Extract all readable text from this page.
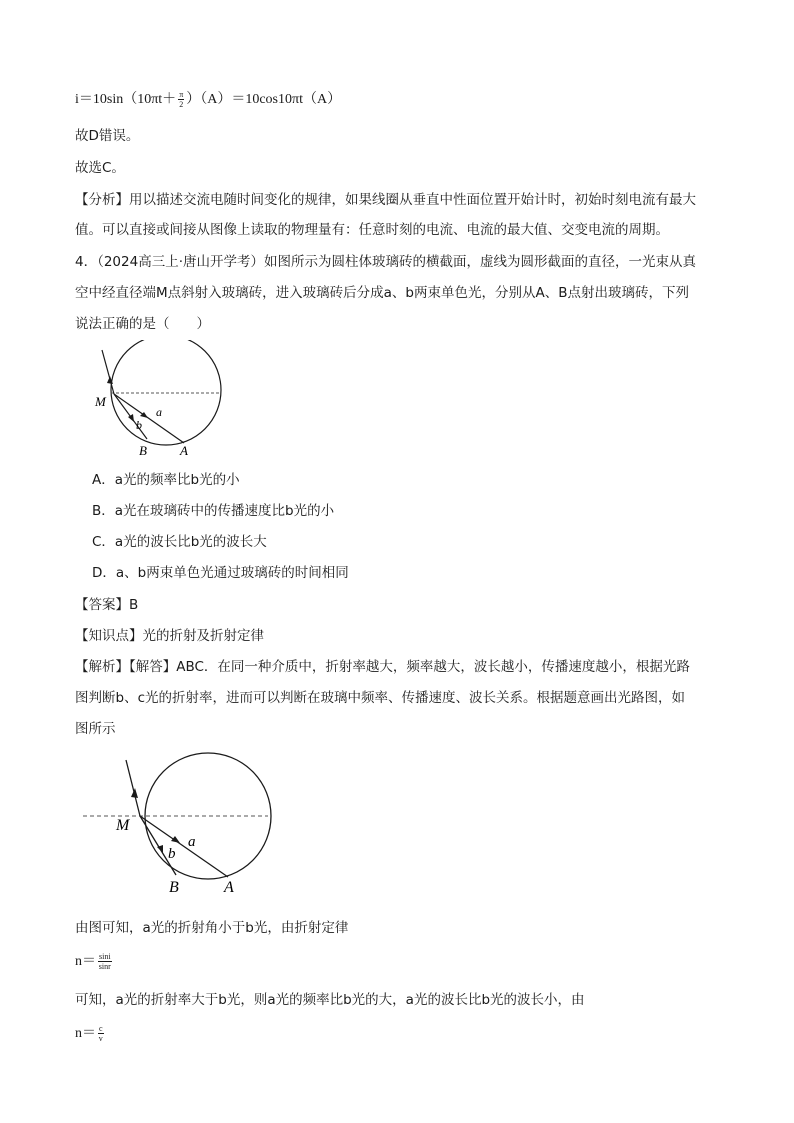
$i=10\sin(10\pi t+ \frac{\pi}{2} )(A)=10\cos 10\pi t(A)$
故D错误。
故选C。
【分析】用以描述交流电随时间变化的规律，如果线圈从垂直中性面位置开始计时，初始时刻电流有最大
值。可以直接或间接从图像上读取的物理量有：任意时刻的电流、电流的最大值、交变电流的周期。
4．（2024高三上·唐山开学考）如图所示为圆柱体玻璃砖的横截面，虚线为圆形截面的直径，一光束从真
空中经直径端M点斜射入玻璃砖，进入玻璃砖后分成a、b两束单色光，分别从A、B点射出玻璃砖，下列
说法正确的是（　　）
M
a
b
B	A
A．a光的频率比b光的小
B．a光在玻璃砖中的传播速度比b光的小
C．a光的波长比b光的波长大
D．a、b两束单色光通过玻璃砖的时间相同
【答案】B
【知识点】光的折射及折射定律
【解析】【解答】ABC．在同一种介质中，折射率越大，频率越大，波长越小，传播速度越小，根据光路
图判断b、c光的折射率，进而可以判断在玻璃中频率、传播速度、波长关系。根据题意画出光路图，如
图所示
M
a
b
B	A
由图可知，a光的折射角小于b光，由折射定律
$n= \frac{\sin i}{\sin r}$
可知，a光的折射率大于b光，则a光的频率比b光的大，a光的波长比b光的波长小，由
$n= \frac{c}{v}$
